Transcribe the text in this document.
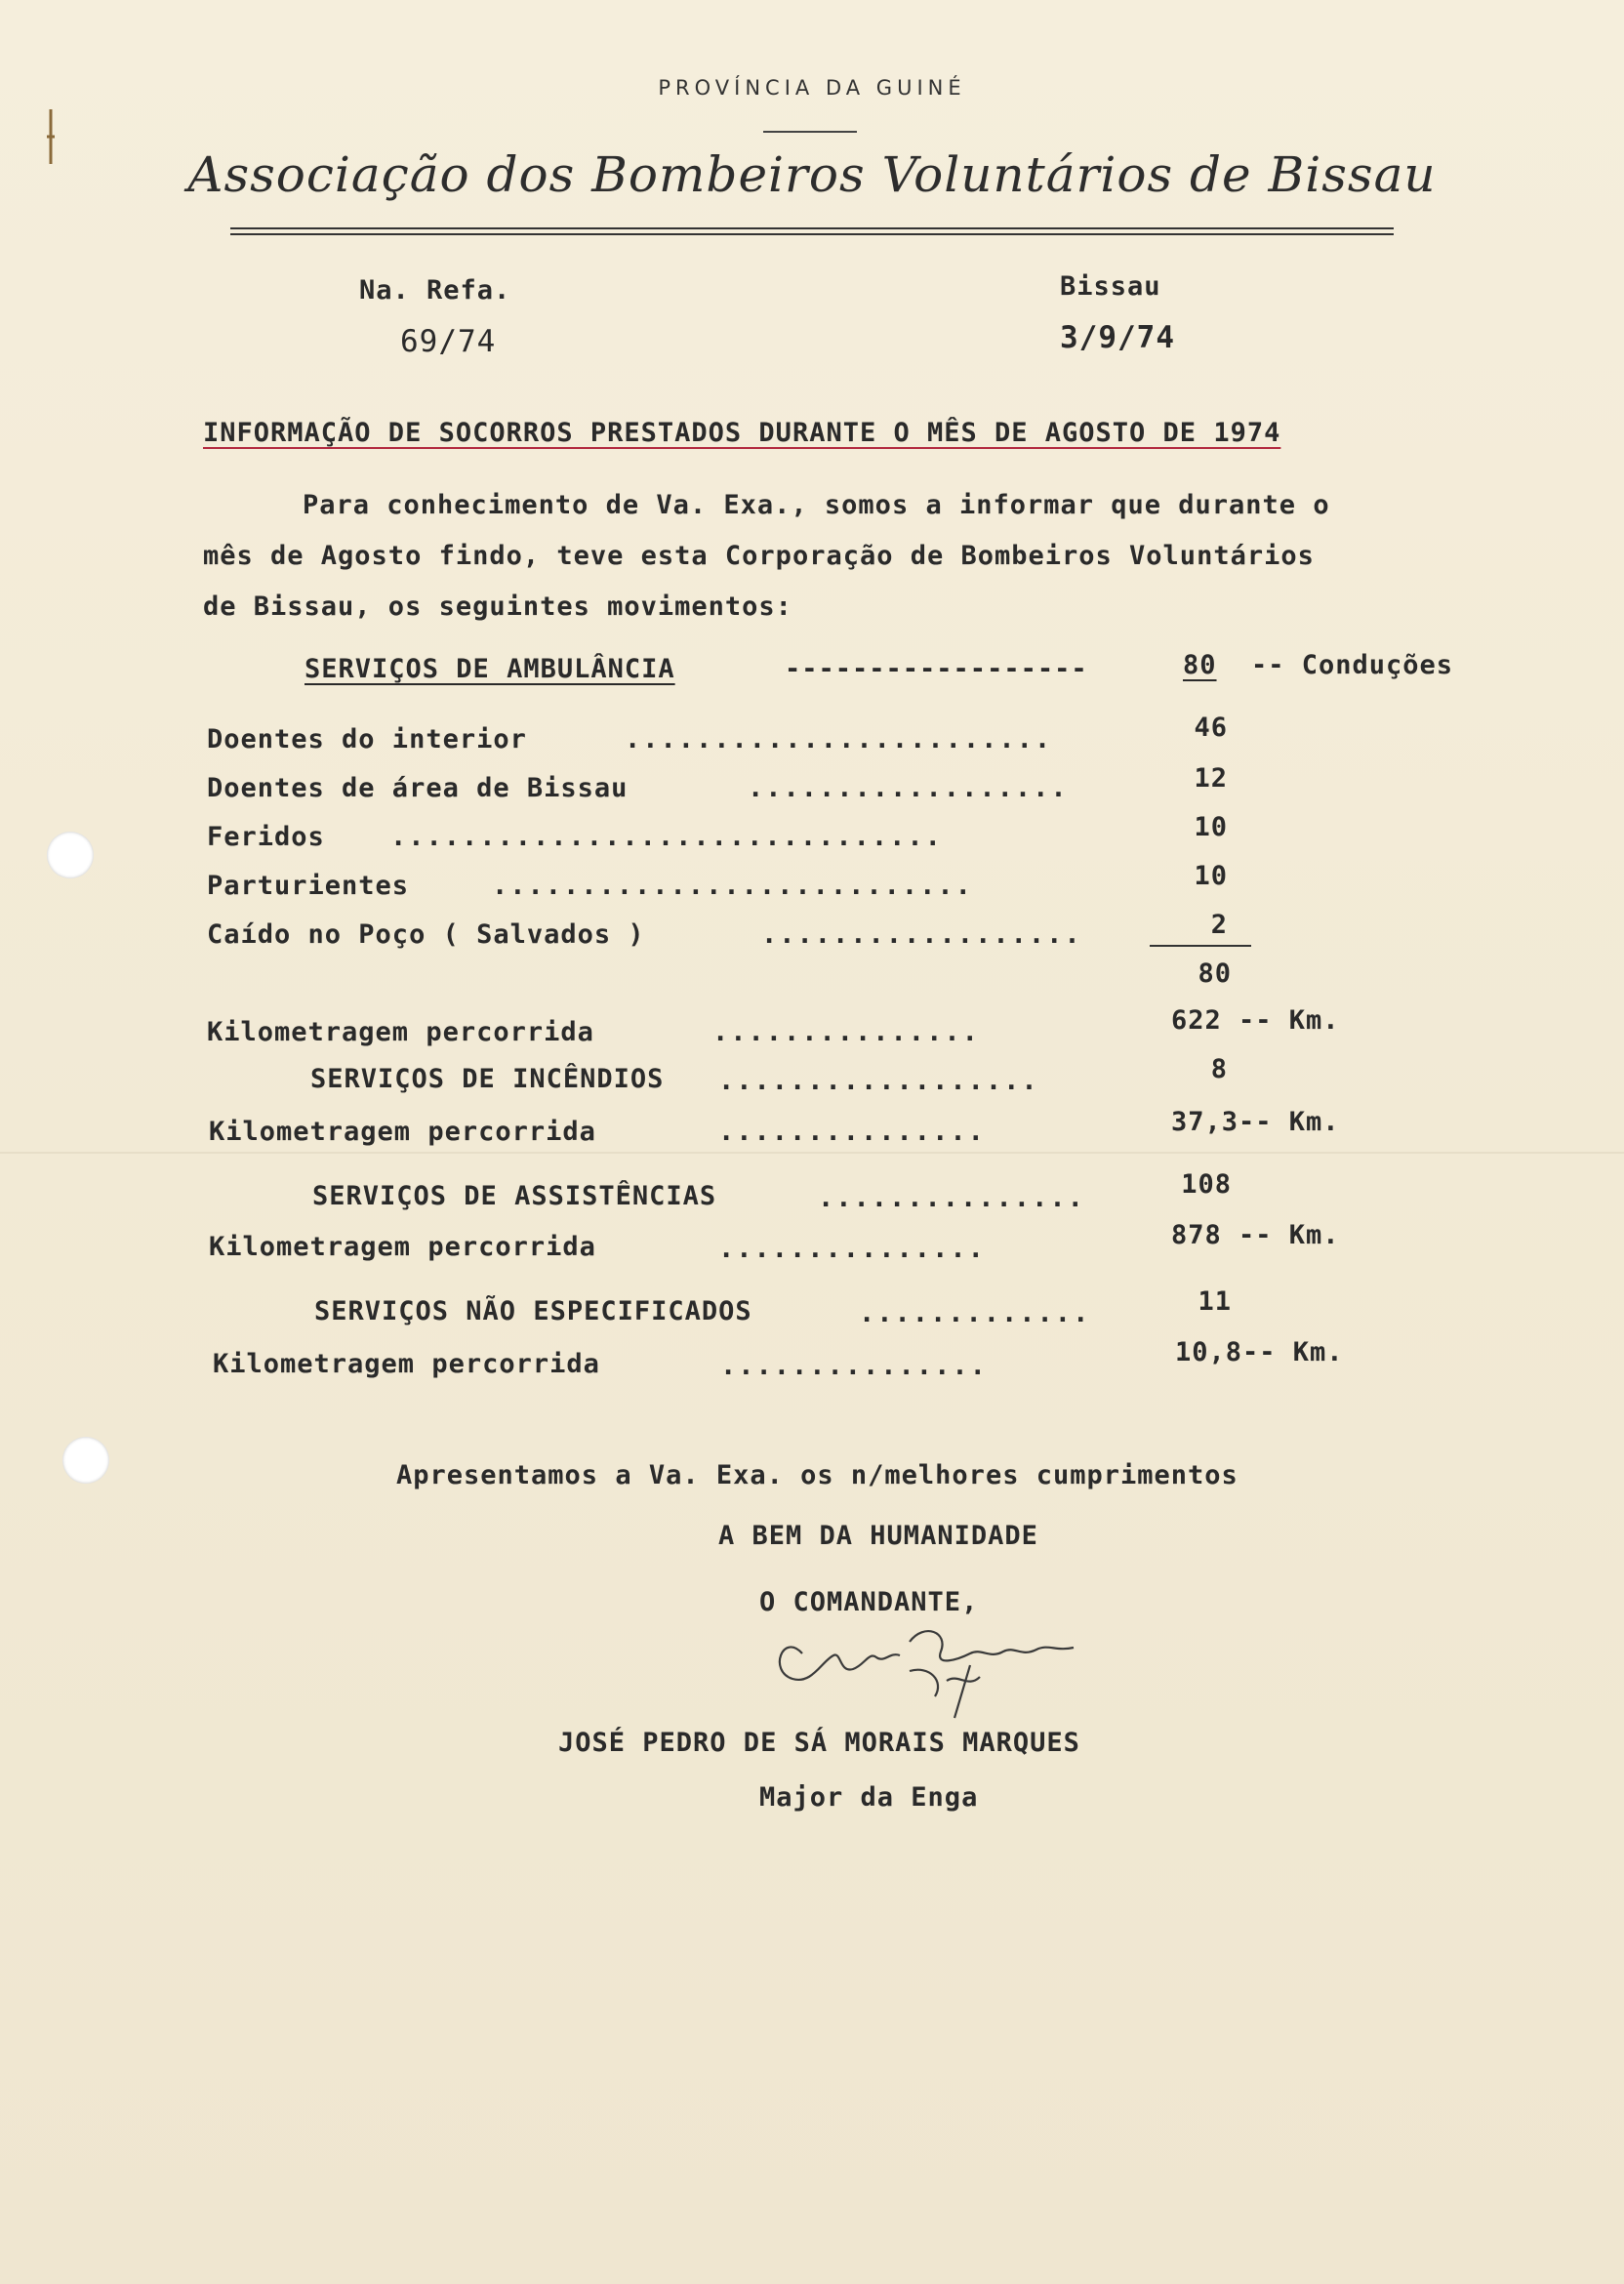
PROVÍNCIA DA GUINÉ
Associação dos Bombeiros Voluntários de Bissau
Na. Refa.
69/74
Bissau
3/9/74
INFORMAÇÃO DE SOCORROS PRESTADOS DURANTE O MÊS DE AGOSTO DE 1974
Para conhecimento de Va. Exa., somos a informar que durante o
mês de Agosto findo, teve esta Corporação de Bombeiros Voluntários
de Bissau, os seguintes movimentos:
SERVIÇOS DE AMBULÂNCIA	------------------	80 -- Conduções
Doentes do interior	........................	46
Doentes de área de Bissau	..................	12
Feridos ...............................	10
Parturientes	...........................	10
Caído no Poço ( Salvados )	..................	2
80
Kilometragem percorrida	...............	622 -- Km.
SERVIÇOS DE INCÊNDIOS ..................	8
Kilometragem percorrida	...............	37,3-- Km.
SERVIÇOS DE ASSISTÊNCIAS	...............	108
Kilometragem percorrida	...............	878 -- Km.
SERVIÇOS NÃO ESPECIFICADOS	.............	11
Kilometragem percorrida	...............	10,8-- Km.
Apresentamos a Va. Exa. os n/melhores cumprimentos
A BEM DA HUMANIDADE
O COMANDANTE,
JOSÉ PEDRO DE SÁ MORAIS MARQUES
Major da Enga
